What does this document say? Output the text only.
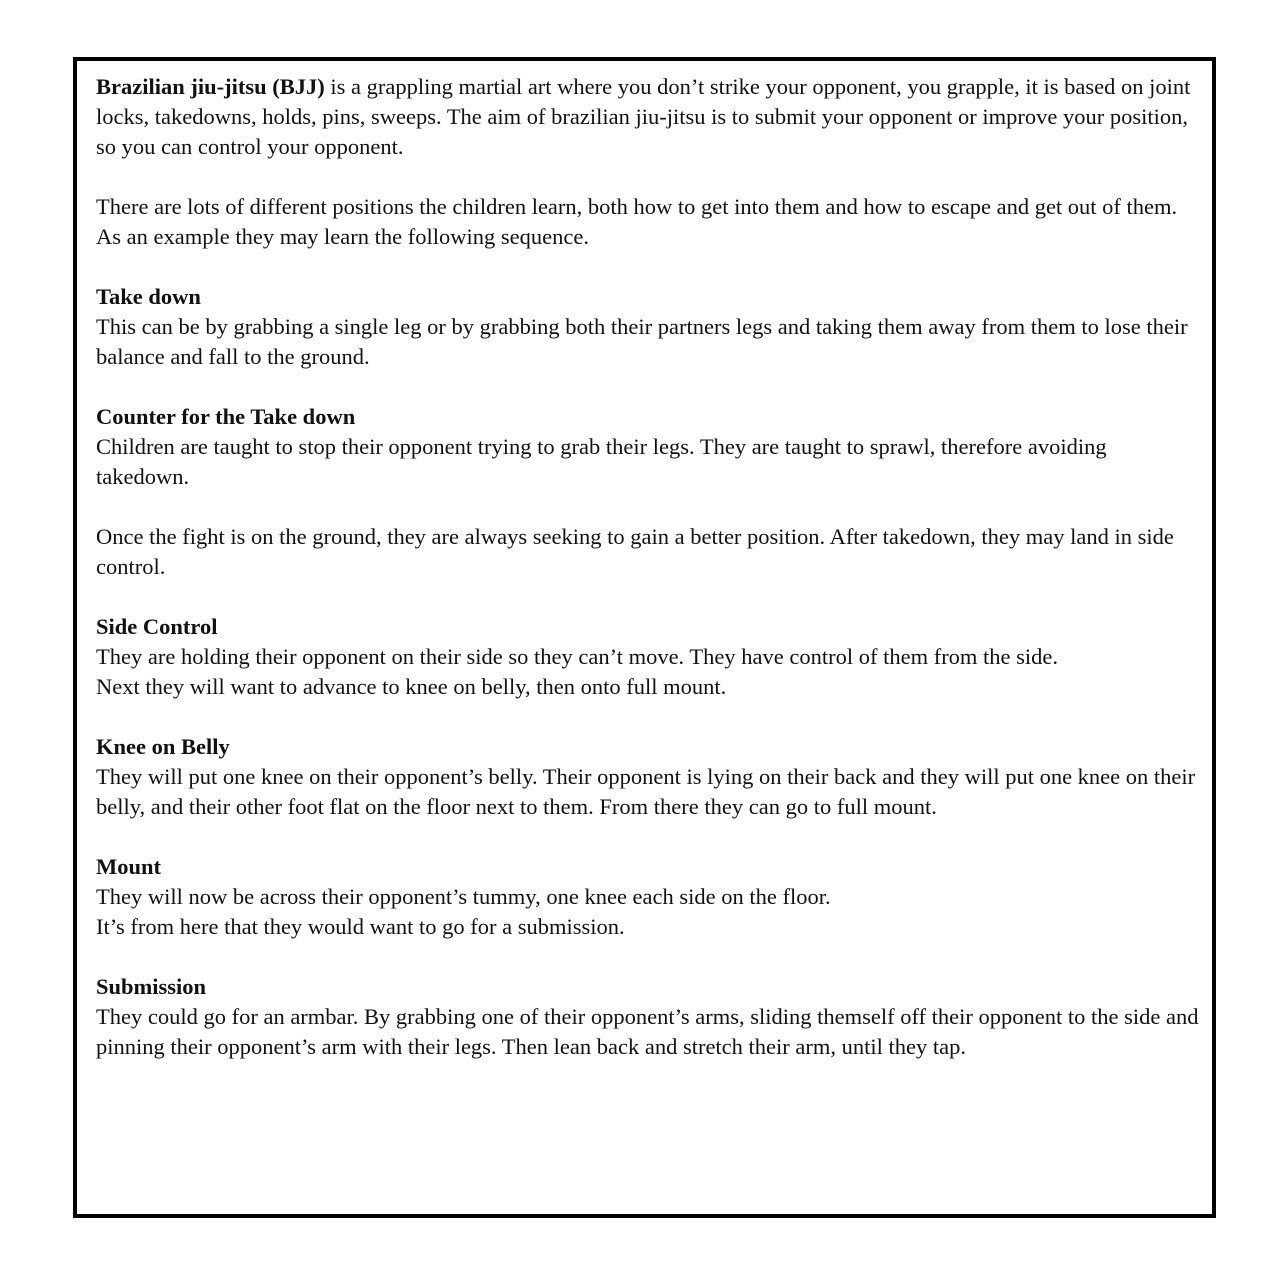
Brazilian jiu-jitsu (BJJ) is a grappling martial art where you don’t strike your opponent, you grapple, it is based on joint locks, takedowns, holds, pins, sweeps. The aim of brazilian jiu-jitsu is to submit your opponent or improve your position, so you can control your opponent.

There are lots of different positions the children learn, both how to get into them and how to escape and get out of them. As an example they may learn the following sequence.

Take down
This can be by grabbing a single leg or by grabbing both their partners legs and taking them away from them to lose their balance and fall to the ground.
Counter for the Take down
Children are taught to stop their opponent trying to grab their legs. They are taught to sprawl, therefore avoiding takedown.
Once the fight is on the ground, they are always seeking to gain a better position. After takedown, they may land in side control.
Side Control
They are holding their opponent on their side so they can’t move. They have control of them from the side.
Next they will want to advance to knee on belly, then onto full mount.
Knee on Belly
They will put one knee on their opponent’s belly. Their opponent is lying on their back and they will put one knee on their belly, and their other foot flat on the floor next to them. From there they can go to full mount.
Mount
They will now be across their opponent’s tummy, one knee each side on the floor.
It’s from here that they would want to go for a submission.
Submission
They could go for an armbar. By grabbing one of their opponent’s arms, sliding themself off their opponent to the side and pinning their opponent’s arm with their legs. Then lean back and stretch their arm, until they tap.
